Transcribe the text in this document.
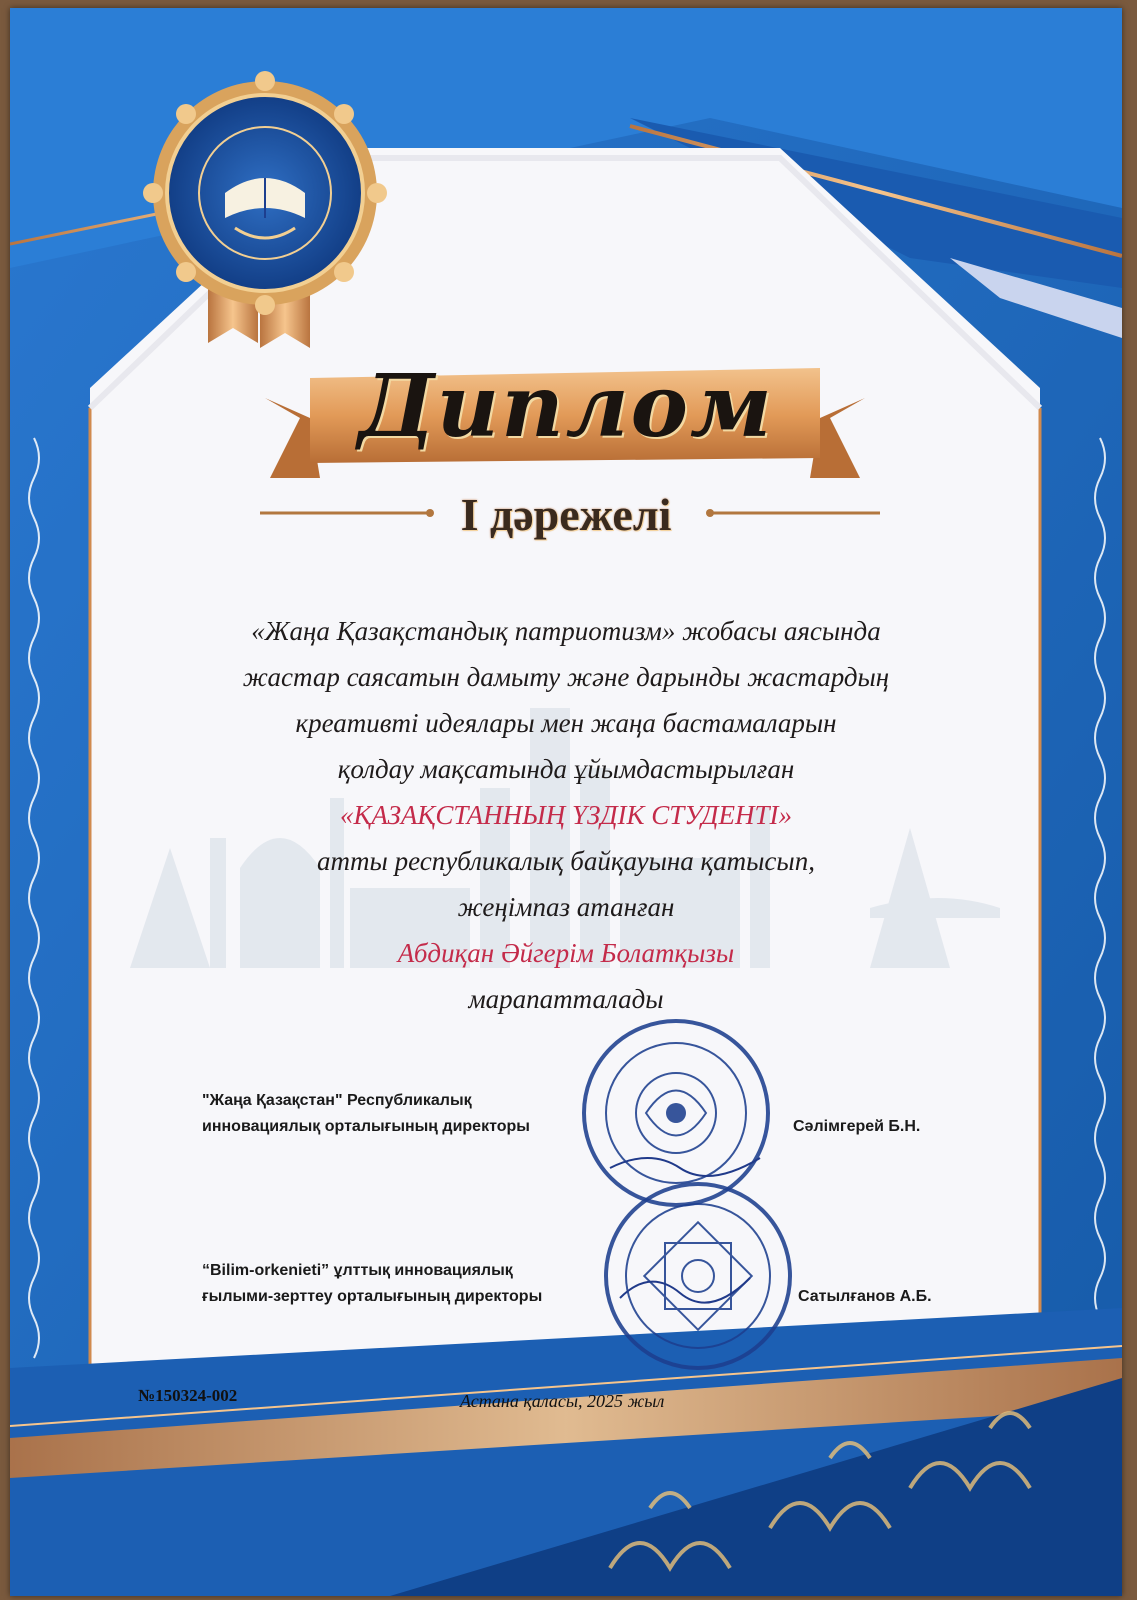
Диплом
I дәрежелі
«Жаңа Қазақстандық патриотизм» жобасы аясында
жастар саясатын дамыту және дарынды жастардың
креативті идеялары мен жаңа бастамаларын
қолдау мақсатында ұйымдастырылған
«ҚАЗАҚСТАННЫҢ ҮЗДІК СТУДЕНТІ»
атты республикалық байқауына қатысып,
жеңімпаз атанған
Абдиқан Әйгерім Болатқызы
марапатталады
"Жаңа Қазақстан" Республикалық
инновациялық орталығының директоры	Сәлімгерей Б.Н.
“Bilim-orkenieti” ұлттық инновациялық
ғылыми-зерттеу орталығының директоры	Сатылғанов А.Б.
№150324-002	Астана қаласы, 2025 жыл
